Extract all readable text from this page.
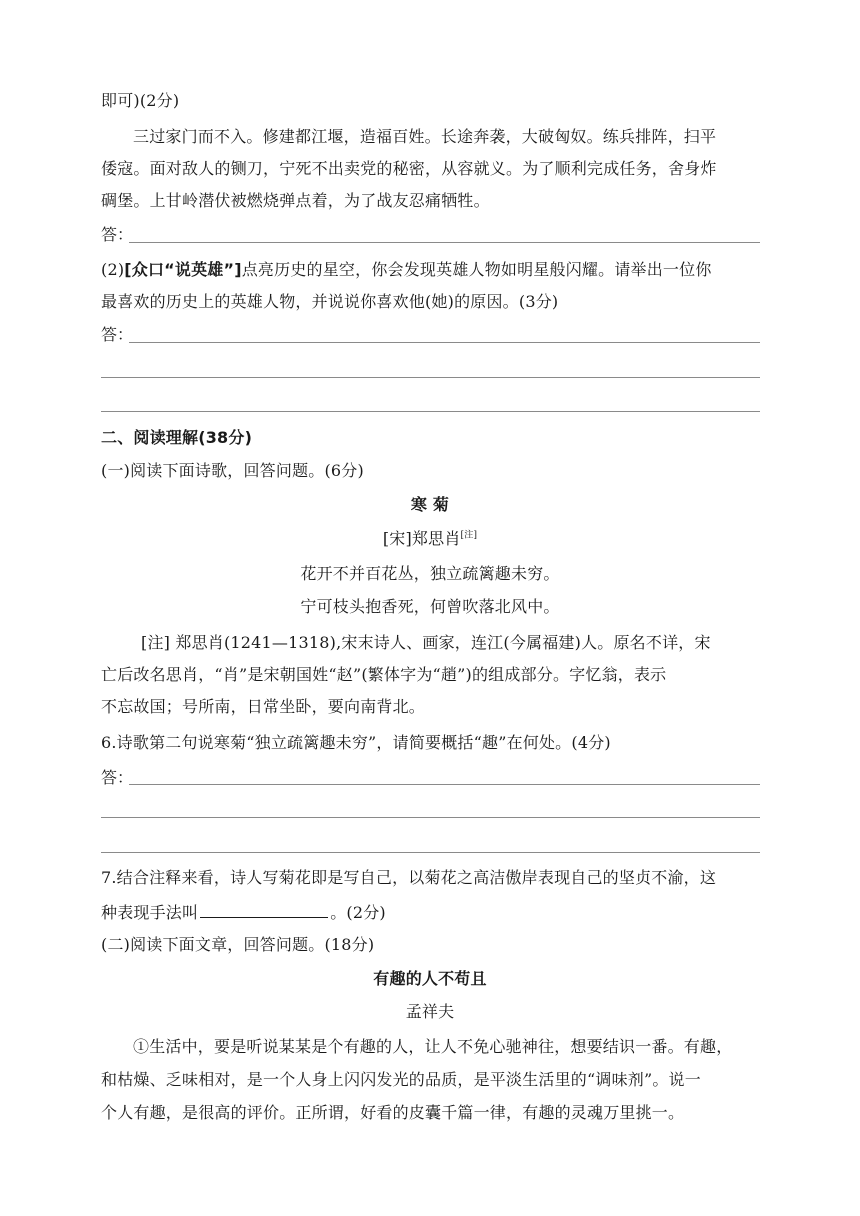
即可)(2分)
三过家门而不入。修建都江堰，造福百姓。长途奔袭，大破匈奴。练兵排阵，扫平
倭寇。面对敌人的铡刀，宁死不出卖党的秘密，从容就义。为了顺利完成任务，舍身炸
碉堡。上甘岭潜伏被燃烧弹点着，为了战友忍痛牺牲。
答：
(2)[众口“说英雄”]点亮历史的星空，你会发现英雄人物如明星般闪耀。请举出一位你
最喜欢的历史上的英雄人物，并说说你喜欢他(她)的原因。(3分)
答：
二、阅读理解(38分)
(一)阅读下面诗歌，回答问题。(6分)
寒 菊
[宋]郑思肖[注]
花开不并百花丛，独立疏篱趣未穷。
宁可枝头抱香死，何曾吹落北风中。
[注] 郑思肖(1241—1318),宋末诗人、画家，连江(今属福建)人。原名不详，宋
亡后改名思肖，“肖”是宋朝国姓“赵”(繁体字为“趙”)的组成部分。字忆翁，表示
不忘故国；号所南，日常坐卧，要向南背北。
6.诗歌第二句说寒菊“独立疏篱趣未穷”，请简要概括“趣”在何处。(4分)
答：
7.结合注释来看，诗人写菊花即是写自己，以菊花之高洁傲岸表现自己的坚贞不渝，这
种表现手法叫	。(2分)
(二)阅读下面文章，回答问题。(18分)
有趣的人不苟且
孟祥夫
①生活中，要是听说某某是个有趣的人，让人不免心驰神往，想要结识一番。有趣，
和枯燥、乏味相对，是一个人身上闪闪发光的品质，是平淡生活里的“调味剂”。说一
个人有趣，是很高的评价。正所谓，好看的皮囊千篇一律，有趣的灵魂万里挑一。
